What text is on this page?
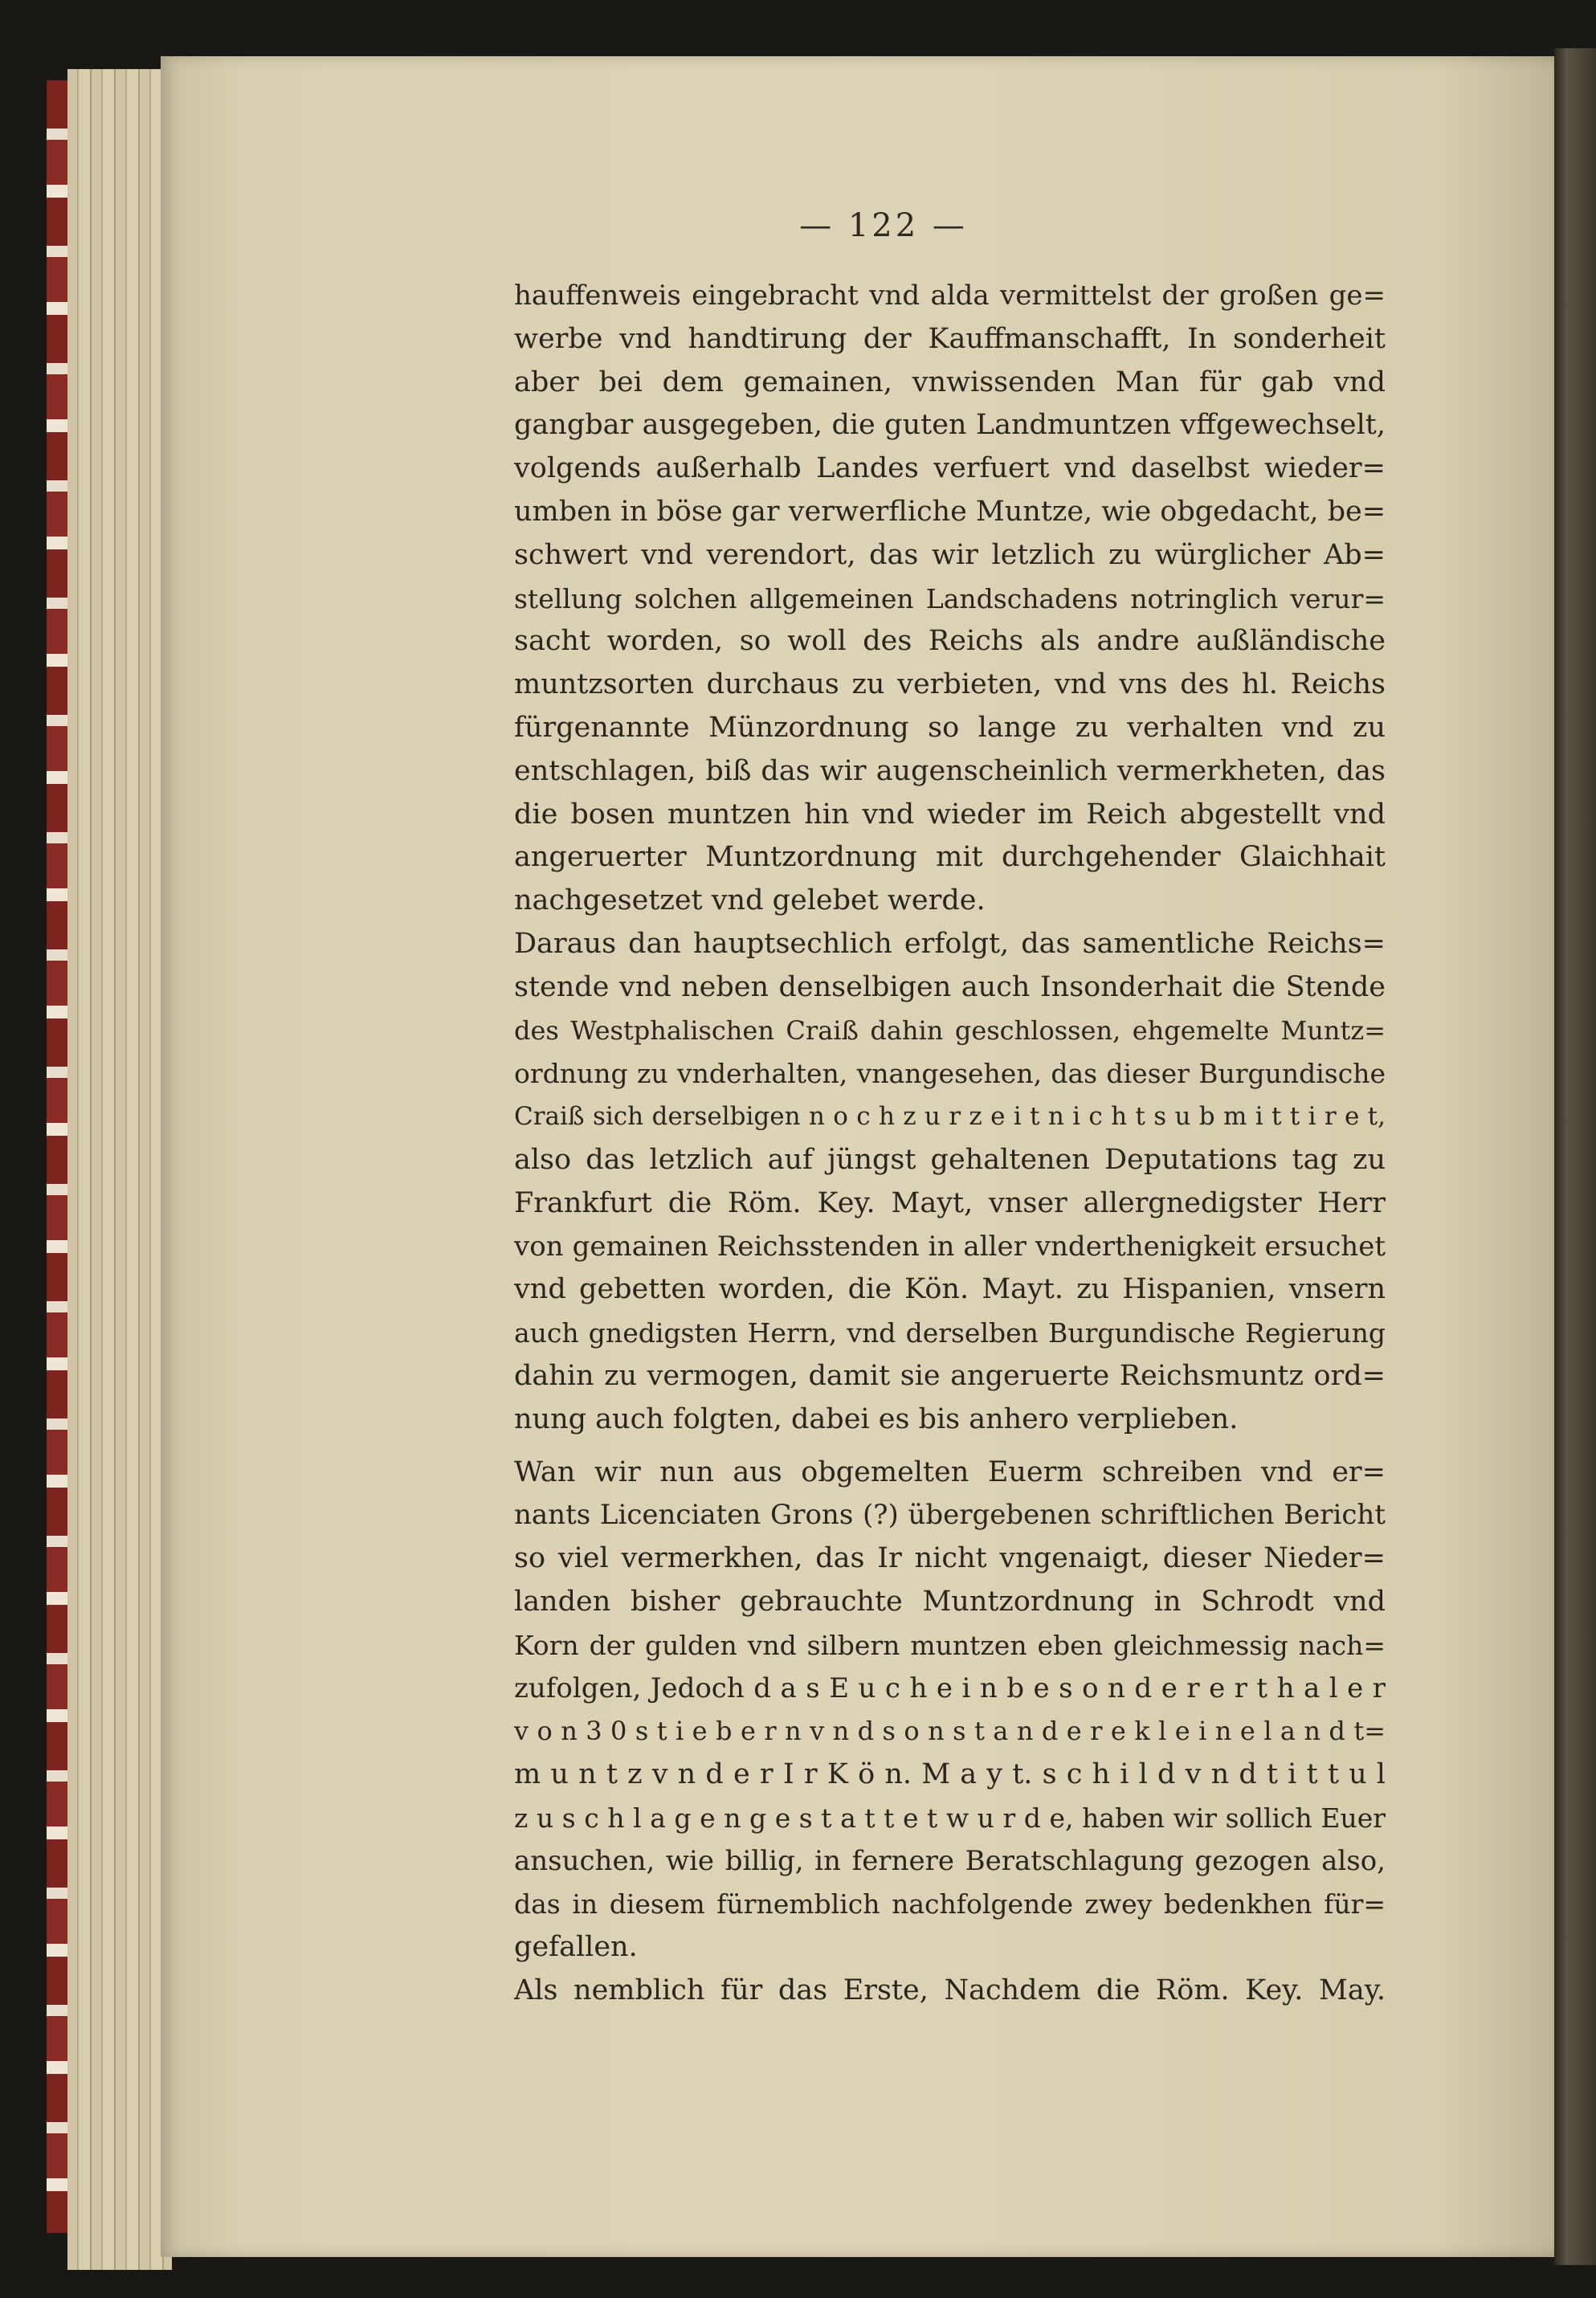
— 122 —
hauffenweis eingebracht vnd alda vermittelst der großen ge=
werbe vnd handtirung der Kauffmanschafft, In sonderheit
aber bei dem gemainen, vnwissenden Man für gab vnd
gangbar ausgegeben, die guten Landmuntzen vffgewechselt,
volgends außerhalb Landes verfuert vnd daselbst wieder=
umben in böse gar verwerfliche Muntze, wie obgedacht, be=
schwert vnd verendort, das wir letzlich zu würglicher Ab=
stellung solchen allgemeinen Landschadens notringlich verur=
sacht worden, so woll des Reichs als andre außländische
muntzsorten durchaus zu verbieten, vnd vns des hl. Reichs
fürgenannte Münzordnung so lange zu verhalten vnd zu
entschlagen, biß das wir augenscheinlich vermerkheten, das
die bosen muntzen hin vnd wieder im Reich abgestellt vnd
angeruerter Muntzordnung mit durchgehender Glaichhait
nachgesetzet vnd gelebet werde.
Daraus dan hauptsechlich erfolgt, das samentliche Reichs=
stende vnd neben denselbigen auch Insonderhait die Stende
des Westphalischen Craiß dahin geschlossen, ehgemelte Muntz=
ordnung zu vnderhalten, vnangesehen, das dieser Burgundische
Craiß sich derselbigen n o c h z u r z e i t n i c h t s u b m i t t i r e t,
also das letzlich auf jüngst gehaltenen Deputations tag zu
Frankfurt die Röm. Key. Mayt, vnser allergnedigster Herr
von gemainen Reichsstenden in aller vnderthenigkeit ersuchet
vnd gebetten worden, die Kön. Mayt. zu Hispanien, vnsern
auch gnedigsten Herrn, vnd derselben Burgundische Regierung
dahin zu vermogen, damit sie angeruerte Reichsmuntz ord=
nung auch folgten, dabei es bis anhero verplieben.
Wan wir nun aus obgemelten Euerm schreiben vnd er=
nants Licenciaten Grons (?) übergebenen schriftlichen Bericht
so viel vermerkhen, das Ir nicht vngenaigt, dieser Nieder=
landen bisher gebrauchte Muntzordnung in Schrodt vnd
Korn der gulden vnd silbern muntzen eben gleichmessig nach=
zufolgen, Jedoch d a s E u c h e i n b e s o n d e r e r t h a l e r
v o n 3 0 s t i e b e r n v n d s o n s t a n d e r e k l e i n e l a n d t=
m u n t z v n d e r I r K ö n. M a y t. s c h i l d v n d t i t t u l
z u s c h l a g e n g e s t a t t e t w u r d e, haben wir sollich Euer
ansuchen, wie billig, in fernere Beratschlagung gezogen also,
das in diesem fürnemblich nachfolgende zwey bedenkhen für=
gefallen.
Als nemblich für das Erste, Nachdem die Röm. Key. May.
